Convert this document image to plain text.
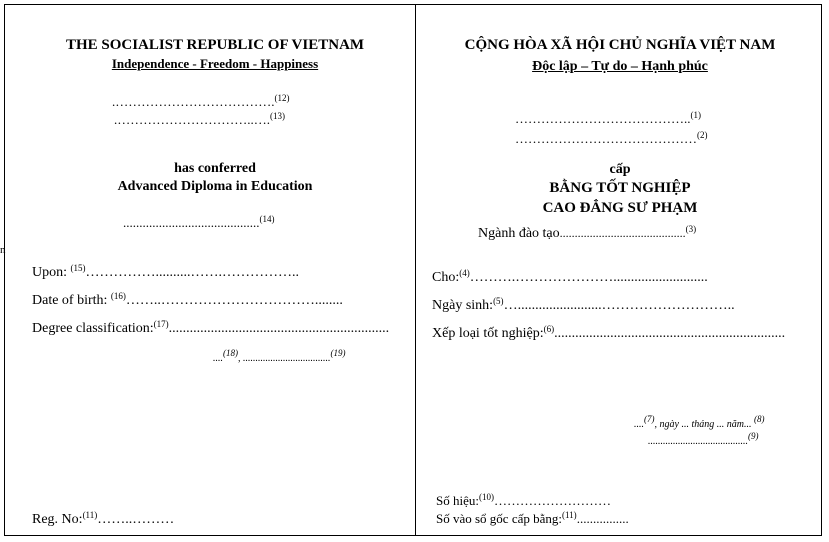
n
THE SOCIALIST REPUBLIC OF VIETNAM
Independence - Freedom - Happiness
.……………………………….$^{(12)}$
.…………………………..….$^{(13)}$
has conferred
Advanced Diploma in Education
..........................................$^{(14)}$
Upon: $^{(15)}$……………..........…….……………..
Date of birth: $^{(16)}$……..……………………………........
Degree classification:$^{(17)}$...............................................................
....(18), ...................................(19)
Reg. No:$^{(11)}$……..………
CỘNG HÒA XÃ HỘI CHỦ NGHĨA VIỆT NAM
Độc lập – Tự do – Hạnh phúc
…………………………………..$^{(1)}$
……………………………………$^{(2)}$
cấp
BẰNG TỐT NGHIỆP
CAO ĐẲNG SƯ PHẠM
Ngành đào tạo..........................................$^{(3)}$
Cho:$^{(4)}$……….…………………...........................
Ngày sinh:$^{(5)}$…........................………………………..
Xếp loại tốt nghiệp:$^{(6)}$..................................................................
....(7), ngày ... tháng ... năm... (8)
........................................(9)
Số hiệu:$^{(10)}$………………………
Số vào sổ gốc cấp bằng:$^{(11)}$................
